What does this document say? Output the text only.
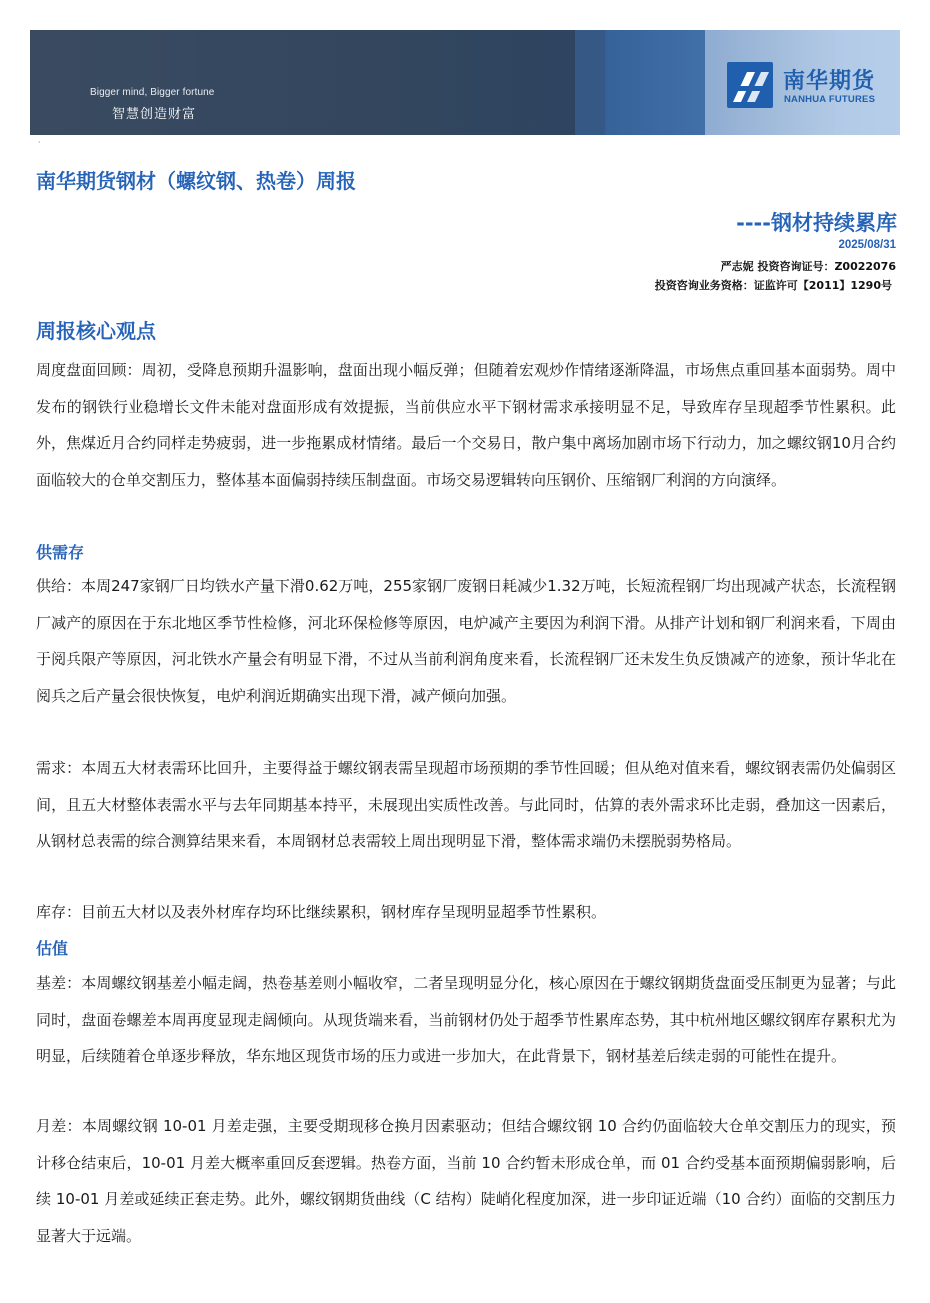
Bigger mind, Bigger fortune
智慧创造财富
南华期货
NANHUA FUTURES
·
南华期货钢材（螺纹钢、热卷）周报
----钢材持续累库
2025/08/31
严志妮 投资咨询证号：Z0022076
投资咨询业务资格：证监许可【2011】1290号
周报核心观点

周度盘面回顾：周初，受降息预期升温影响，盘面出现小幅反弹；但随着宏观炒作情绪逐渐降温，市场焦点重回基本面弱势。周中发布的钢铁行业稳增长文件未能对盘面形成有效提振，当前供应水平下钢材需求承接明显不足，导致库存呈现超季节性累积。此外，焦煤近月合约同样走势疲弱，进一步拖累成材情绪。最后一个交易日，散户集中离场加剧市场下行动力，加之螺纹钢10月合约面临较大的仓单交割压力，整体基本面偏弱持续压制盘面。市场交易逻辑转向压钢价、压缩钢厂利润的方向演绎。

供需存

供给：本周247家钢厂日均铁水产量下滑0.62万吨，255家钢厂废钢日耗减少1.32万吨，长短流程钢厂均出现减产状态，长流程钢厂减产的原因在于东北地区季节性检修，河北环保检修等原因，电炉减产主要因为利润下滑。从排产计划和钢厂利润来看，下周由于阅兵限产等原因，河北铁水产量会有明显下滑，不过从当前利润角度来看，长流程钢厂还未发生负反馈减产的迹象，预计华北在阅兵之后产量会很快恢复，电炉利润近期确实出现下滑，减产倾向加强。

需求：本周五大材表需环比回升，主要得益于螺纹钢表需呈现超市场预期的季节性回暖；但从绝对值来看，螺纹钢表需仍处偏弱区间，且五大材整体表需水平与去年同期基本持平，未展现出实质性改善。与此同时，估算的表外需求环比走弱，叠加这一因素后，从钢材总表需的综合测算结果来看，本周钢材总表需较上周出现明显下滑，整体需求端仍未摆脱弱势格局。

库存：目前五大材以及表外材库存均环比继续累积，钢材库存呈现明显超季节性累积。

估值

基差：本周螺纹钢基差小幅走阔，热卷基差则小幅收窄，二者呈现明显分化，核心原因在于螺纹钢期货盘面受压制更为显著；与此同时，盘面卷螺差本周再度显现走阔倾向。从现货端来看，当前钢材仍处于超季节性累库态势，其中杭州地区螺纹钢库存累积尤为明显，后续随着仓单逐步释放，华东地区现货市场的压力或进一步加大，在此背景下，钢材基差后续走弱的可能性在提升。

月差：本周螺纹钢 10-01 月差走强，主要受期现移仓换月因素驱动；但结合螺纹钢 10 合约仍面临较大仓单交割压力的现实，预计移仓结束后，10-01 月差大概率重回反套逻辑。热卷方面，当前 10 合约暂未形成仓单，而 01 合约受基本面预期偏弱影响，后续 10-01 月差或延续正套走势。此外，螺纹钢期货曲线（C 结构）陡峭化程度加深，进一步印证近端（10 合约）面临的交割压力显著大于远端。
